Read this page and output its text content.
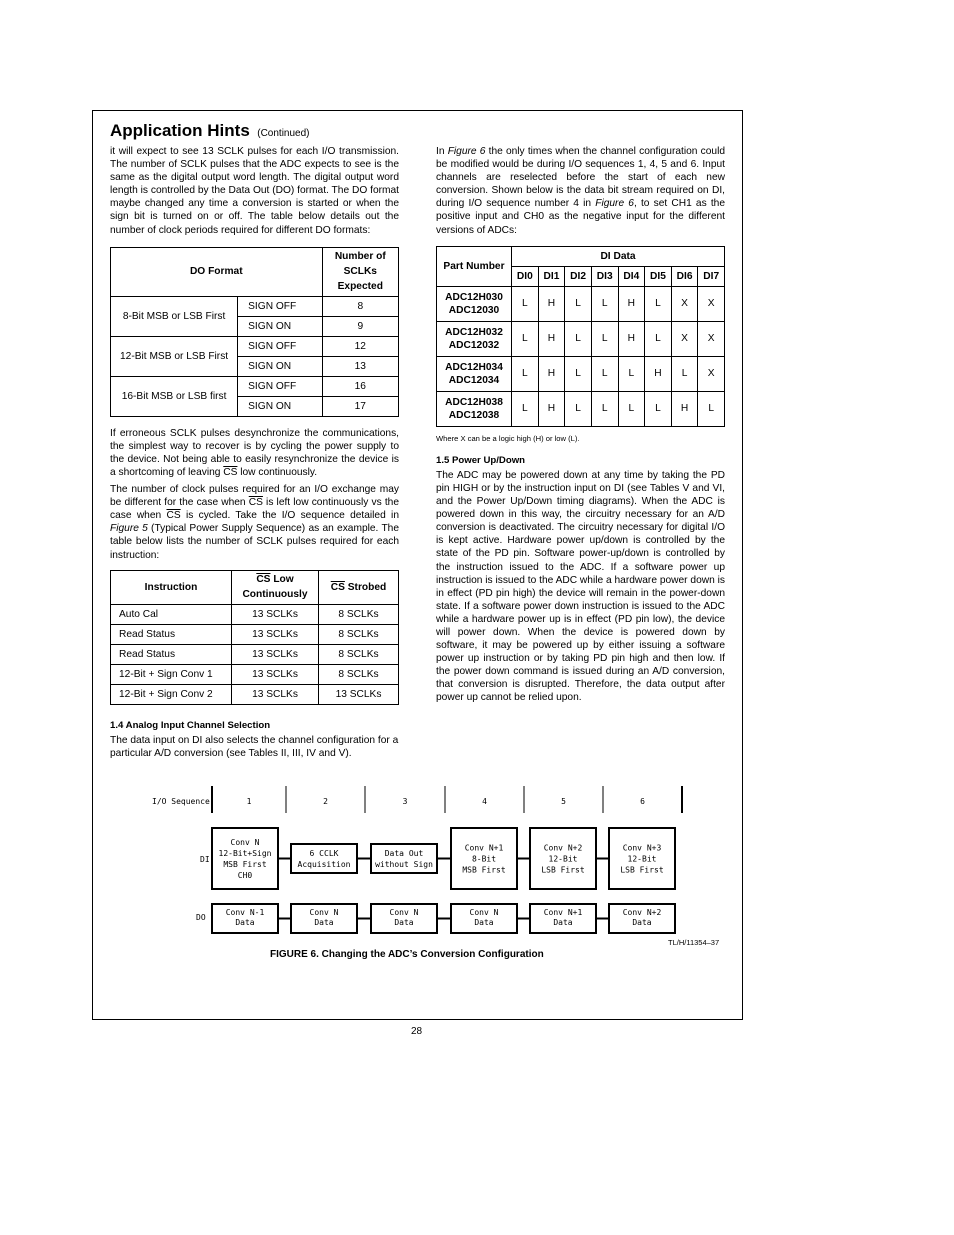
Application Hints (Continued)

it will expect to see 13 SCLK pulses for each I/O transmission. The number of SCLK pulses that the ADC expects to see is the same as the digital output word length. The digital output word length is controlled by the Data Out (DO) format. The DO format maybe changed any time a conversion is started or when the sign bit is turned on or off. The table below details out the number of clock periods required for different DO formats:

DO Format		Number of SCLKs Expected
8-Bit MSB or LSB First	SIGN OFF	8
	SIGN ON	9
12-Bit MSB or LSB First	SIGN OFF	12
	SIGN ON	13
16-Bit MSB or LSB first	SIGN OFF	16
	SIGN ON	17

If erroneous SCLK pulses desynchronize the communications, the simplest way to recover is by cycling the power supply to the device. Not being able to easily resynchronize the device is a shortcoming of leaving $\overline{CS}$ low continuously.

The number of clock pulses required for an I/O exchange may be different for the case when $\overline{CS}$ is left low continuously vs the case when $\overline{CS}$ is cycled. Take the I/O sequence detailed in Figure 5 (Typical Power Supply Sequence) as an example. The table below lists the number of SCLK pulses required for each instruction:

Instruction	$\overline{CS}$ Low Continuously	$\overline{CS}$ Strobed
Auto Cal	13 SCLKs	8 SCLKs
Read Status	13 SCLKs	8 SCLKs
Read Status	13 SCLKs	8 SCLKs
12-Bit + Sign Conv 1	13 SCLKs	8 SCLKs
12-Bit + Sign Conv 2	13 SCLKs	13 SCLKs
1.4 Analog Input Channel Selection

The data input on DI also selects the channel configuration for a particular A/D conversion (see Tables II, III, IV and V).

In Figure 6 the only times when the channel configuration could be modified would be during I/O sequences 1, 4, 5 and 6. Input channels are reselected before the start of each new conversion. Shown below is the data bit stream required on DI, during I/O sequence number 4 in Figure 6, to set CH1 as the positive input and CH0 as the negative input for the different versions of ADCs:

Part Number	DI Data							
	DI0	DI1	DI2	DI3	DI4	DI5	DI6	DI7

ADC12H030
ADC12030	L	H	L	L	H	L	X	X

ADC12H032
ADC12032	L	H	L	L	H	L	X	X

ADC12H034
ADC12034	L	H	L	L	L	H	L	X

ADC12H038
ADC12038	L	H	L	L	L	L	H	L
Where X can be a logic high (H) or low (L).
1.5 Power Up/Down

The ADC may be powered down at any time by taking the PD pin HIGH or by the instruction input on DI (see Tables V and VI, and the Power Up/Down timing diagrams). When the ADC is powered down in this way, the circuitry necessary for an A/D conversion is deactivated. The circuitry necessary for digital I/O is kept active. Hardware power up/down is controlled by the state of the PD pin. Software power-up/down is controlled by the instruction issued to the ADC. If a software power up instruction is issued to the ADC while a hardware power down is in effect (PD pin high) the device will remain in the power-down state. If a software power down instruction is issued to the ADC while a hardware power up is in effect (PD pin low), the device will power down. When the device is powered down by software, it may be powered up by either issuing a software power up instruction or by taking PD pin high and then low. If the power down command is issued during an A/D conversion, that conversion is disrupted. Therefore, the data output after power up cannot be relied upon.

I/O Sequence	1	2	3	4	5	6
DI
DO
Conv N
12-Bit+Sign
MSB First
CH0
6 CCLK
Acquisition
Data Out
without Sign
Conv N+1
8-Bit
MSB First
Conv N+2
12-Bit
LSB First
Conv N+3
12-Bit
LSB First
Conv N-1
Data
Conv N
Data
Conv N
Data
Conv N
Data
Conv N+1
Data
Conv N+2
Data
TL/H/11354–37
FIGURE 6. Changing the ADC’s Conversion Configuration
28
